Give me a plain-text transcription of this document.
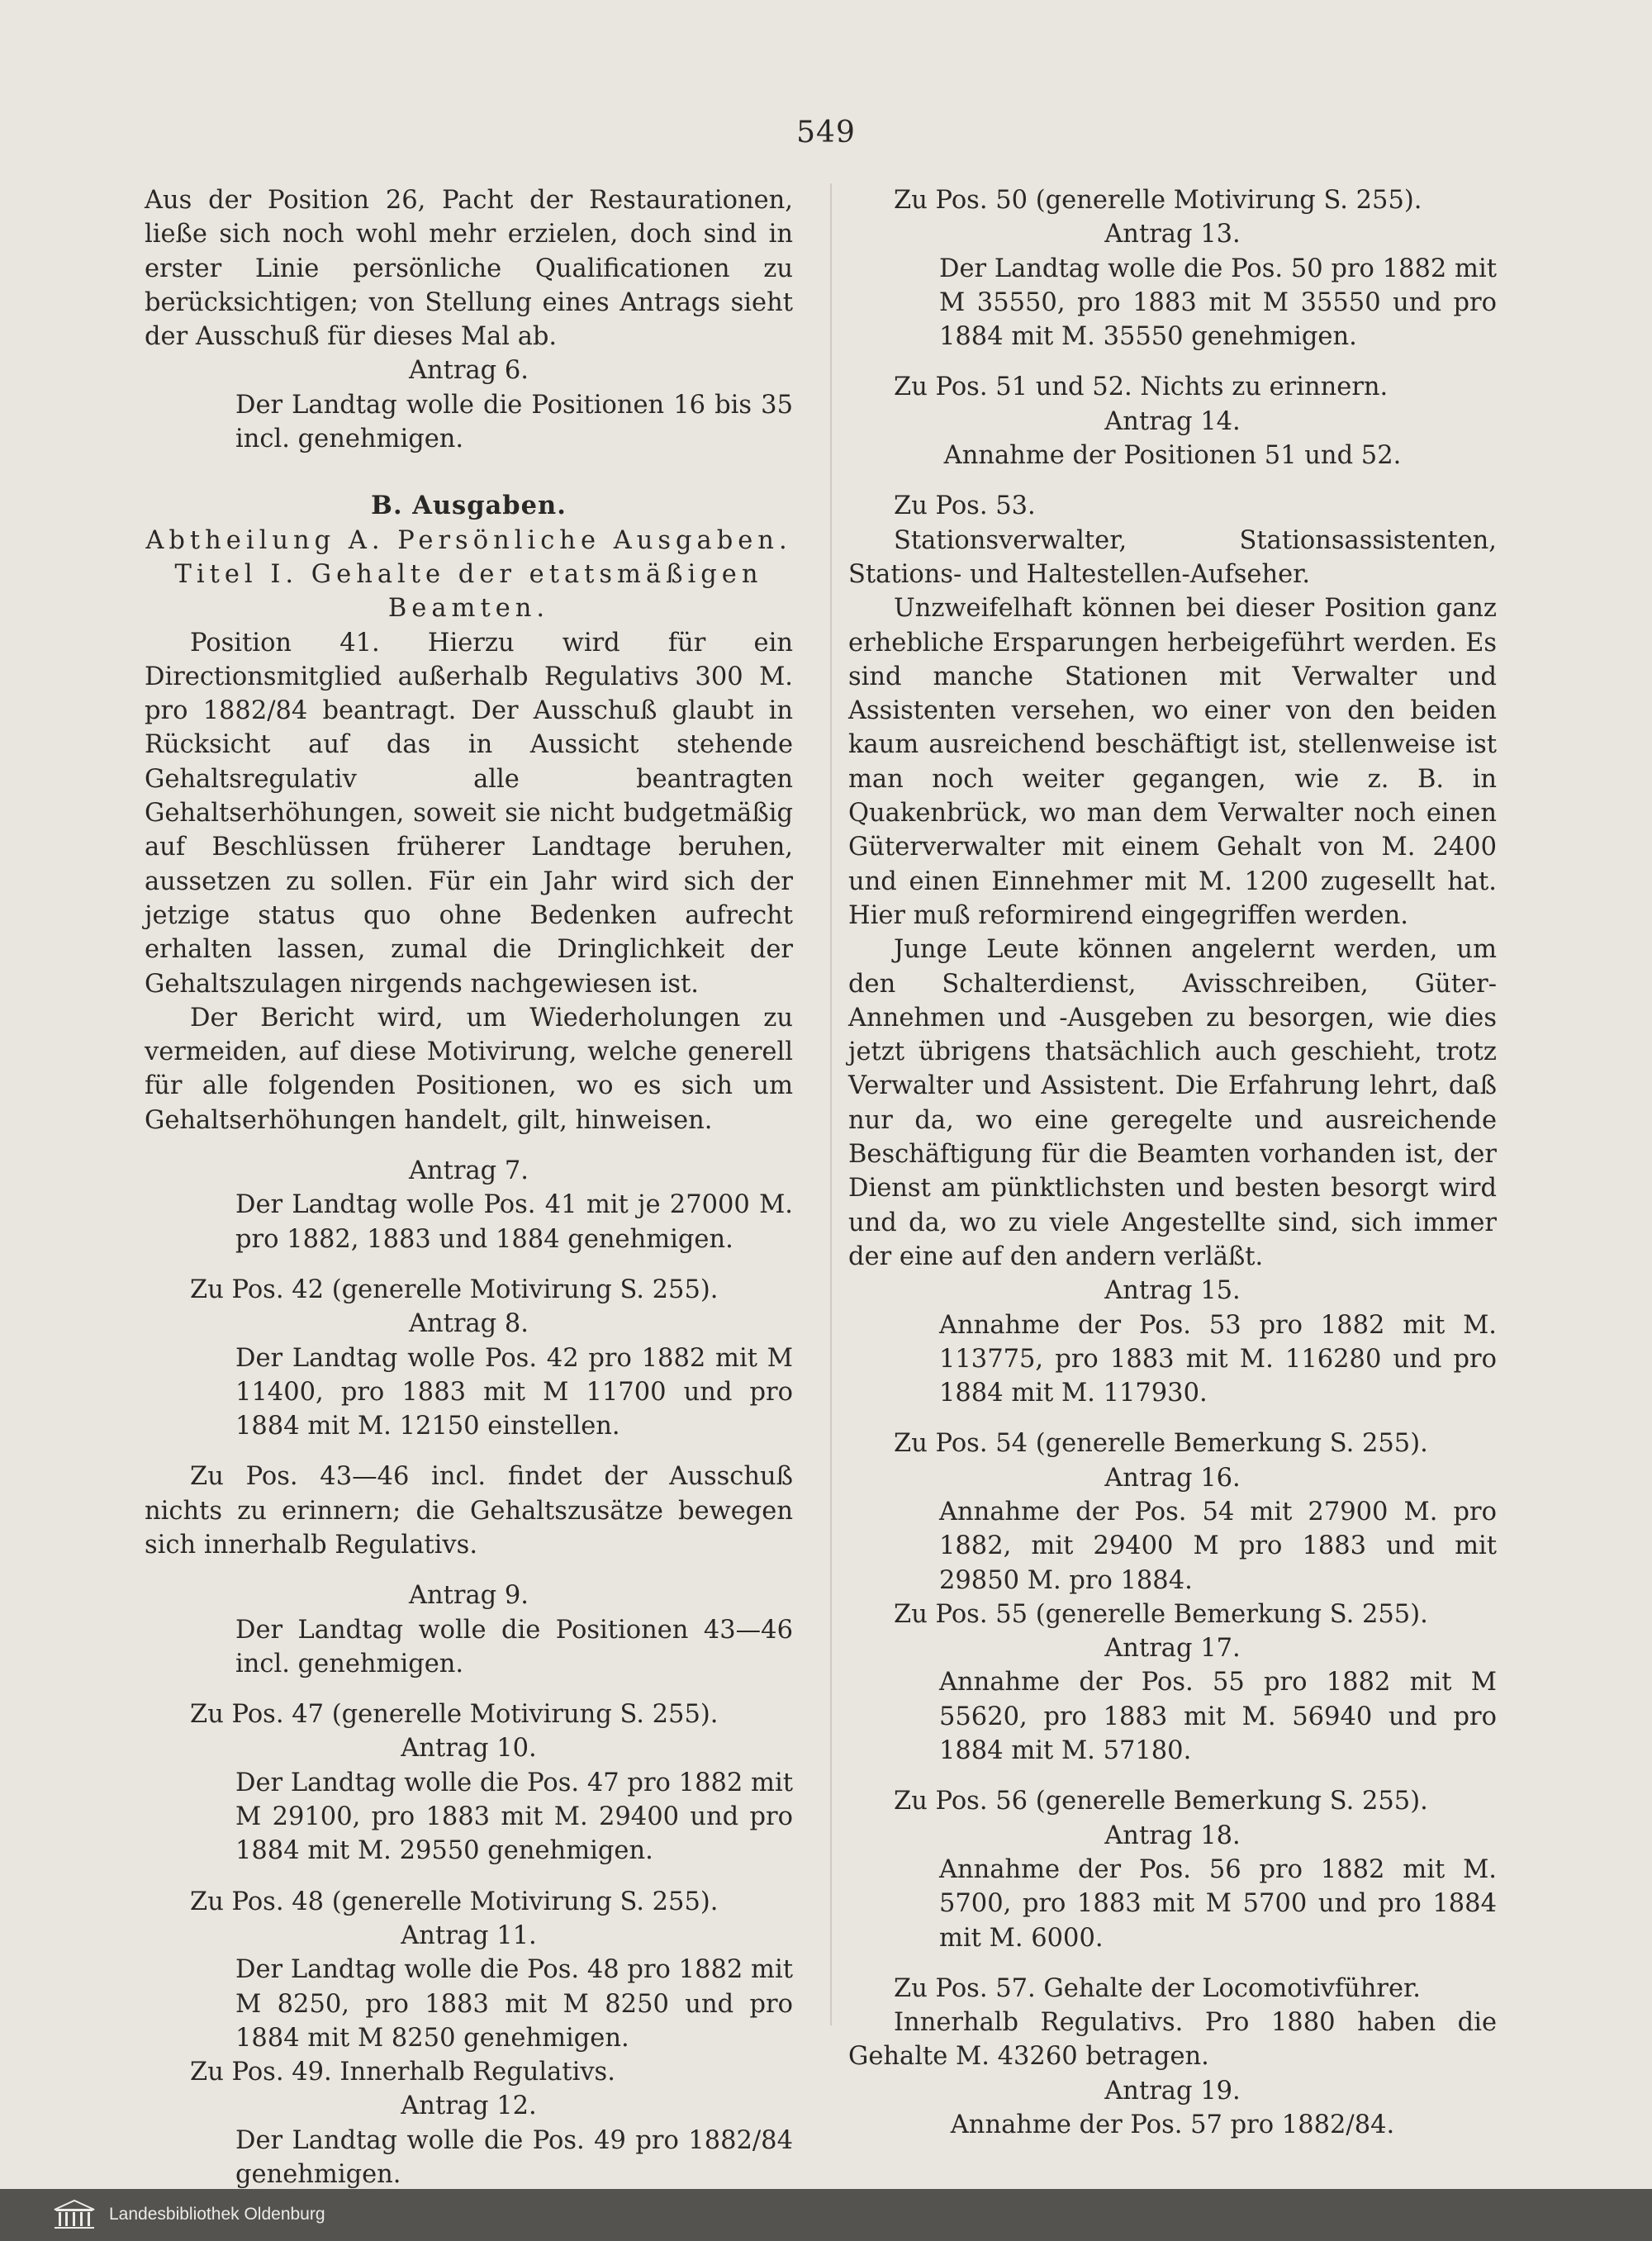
549

Aus der Position 26, Pacht der Restaurationen, ließe sich noch wohl mehr erzielen, doch sind in erster Linie persönliche Qualificationen zu berücksichtigen; von Stellung eines Antrags sieht der Ausschuß für dieses Mal ab.

Antrag 6.

Der Landtag wolle die Positionen 16 bis 35 incl. genehmigen.

B. Ausgaben.

Abtheilung A. Persönliche Ausgaben.

Titel I. Gehalte der etatsmäßigen Beamten.

Position 41. Hierzu wird für ein Directionsmitglied außerhalb Regulativs 300 M. pro 1882/84 beantragt. Der Ausschuß glaubt in Rücksicht auf das in Aussicht stehende Gehaltsregulativ alle beantragten Gehaltserhöhungen, soweit sie nicht budgetmäßig auf Beschlüssen früherer Landtage beruhen, aussetzen zu sollen. Für ein Jahr wird sich der jetzige status quo ohne Bedenken aufrecht erhalten lassen, zumal die Dringlichkeit der Gehaltszulagen nirgends nachgewiesen ist.

Der Bericht wird, um Wiederholungen zu vermeiden, auf diese Motivirung, welche generell für alle folgenden Positionen, wo es sich um Gehaltserhöhungen handelt, gilt, hinweisen.

Antrag 7.

Der Landtag wolle Pos. 41 mit je 27000 M. pro 1882, 1883 und 1884 genehmigen.

Zu Pos. 42 (generelle Motivirung S. 255).

Antrag 8.

Der Landtag wolle Pos. 42 pro 1882 mit M 11400, pro 1883 mit M 11700 und pro 1884 mit M. 12150 einstellen.

Zu Pos. 43—46 incl. findet der Ausschuß nichts zu erinnern; die Gehaltszusätze bewegen sich innerhalb Regulativs.

Antrag 9.

Der Landtag wolle die Positionen 43—46 incl. genehmigen.

Zu Pos. 47 (generelle Motivirung S. 255).

Antrag 10.

Der Landtag wolle die Pos. 47 pro 1882 mit M 29100, pro 1883 mit M. 29400 und pro 1884 mit M. 29550 genehmigen.

Zu Pos. 48 (generelle Motivirung S. 255).

Antrag 11.

Der Landtag wolle die Pos. 48 pro 1882 mit M 8250, pro 1883 mit M 8250 und pro 1884 mit M 8250 genehmigen.

Zu Pos. 49. Innerhalb Regulativs.

Antrag 12.

Der Landtag wolle die Pos. 49 pro 1882/84 genehmigen.

Zu Pos. 50 (generelle Motivirung S. 255).

Antrag 13.

Der Landtag wolle die Pos. 50 pro 1882 mit M 35550, pro 1883 mit M 35550 und pro 1884 mit M. 35550 genehmigen.

Zu Pos. 51 und 52. Nichts zu erinnern.

Antrag 14.

Annahme der Positionen 51 und 52.

Zu Pos. 53.

Stationsverwalter, Stationsassistenten, Stations- und Haltestellen-Aufseher.

Unzweifelhaft können bei dieser Position ganz erhebliche Ersparungen herbeigeführt werden. Es sind manche Stationen mit Verwalter und Assistenten versehen, wo einer von den beiden kaum ausreichend beschäftigt ist, stellenweise ist man noch weiter gegangen, wie z. B. in Quakenbrück, wo man dem Verwalter noch einen Güterverwalter mit einem Gehalt von M. 2400 und einen Einnehmer mit M. 1200 zugesellt hat. Hier muß reformirend eingegriffen werden.

Junge Leute können angelernt werden, um den Schalterdienst, Avisschreiben, Güter-Annehmen und -Ausgeben zu besorgen, wie dies jetzt übrigens thatsächlich auch geschieht, trotz Verwalter und Assistent. Die Erfahrung lehrt, daß nur da, wo eine geregelte und ausreichende Beschäftigung für die Beamten vorhanden ist, der Dienst am pünktlichsten und besten besorgt wird und da, wo zu viele Angestellte sind, sich immer der eine auf den andern verläßt.

Antrag 15.

Annahme der Pos. 53 pro 1882 mit M. 113775, pro 1883 mit M. 116280 und pro 1884 mit M. 117930.

Zu Pos. 54 (generelle Bemerkung S. 255).

Antrag 16.

Annahme der Pos. 54 mit 27900 M. pro 1882, mit 29400 M pro 1883 und mit 29850 M. pro 1884.

Zu Pos. 55 (generelle Bemerkung S. 255).

Antrag 17.

Annahme der Pos. 55 pro 1882 mit M 55620, pro 1883 mit M. 56940 und pro 1884 mit M. 57180.

Zu Pos. 56 (generelle Bemerkung S. 255).

Antrag 18.

Annahme der Pos. 56 pro 1882 mit M. 5700, pro 1883 mit M 5700 und pro 1884 mit M. 6000.

Zu Pos. 57. Gehalte der Locomotivführer.

Innerhalb Regulativs. Pro 1880 haben die Gehalte M. 43260 betragen.

Antrag 19.

Annahme der Pos. 57 pro 1882/84.

Landesbibliothek Oldenburg
